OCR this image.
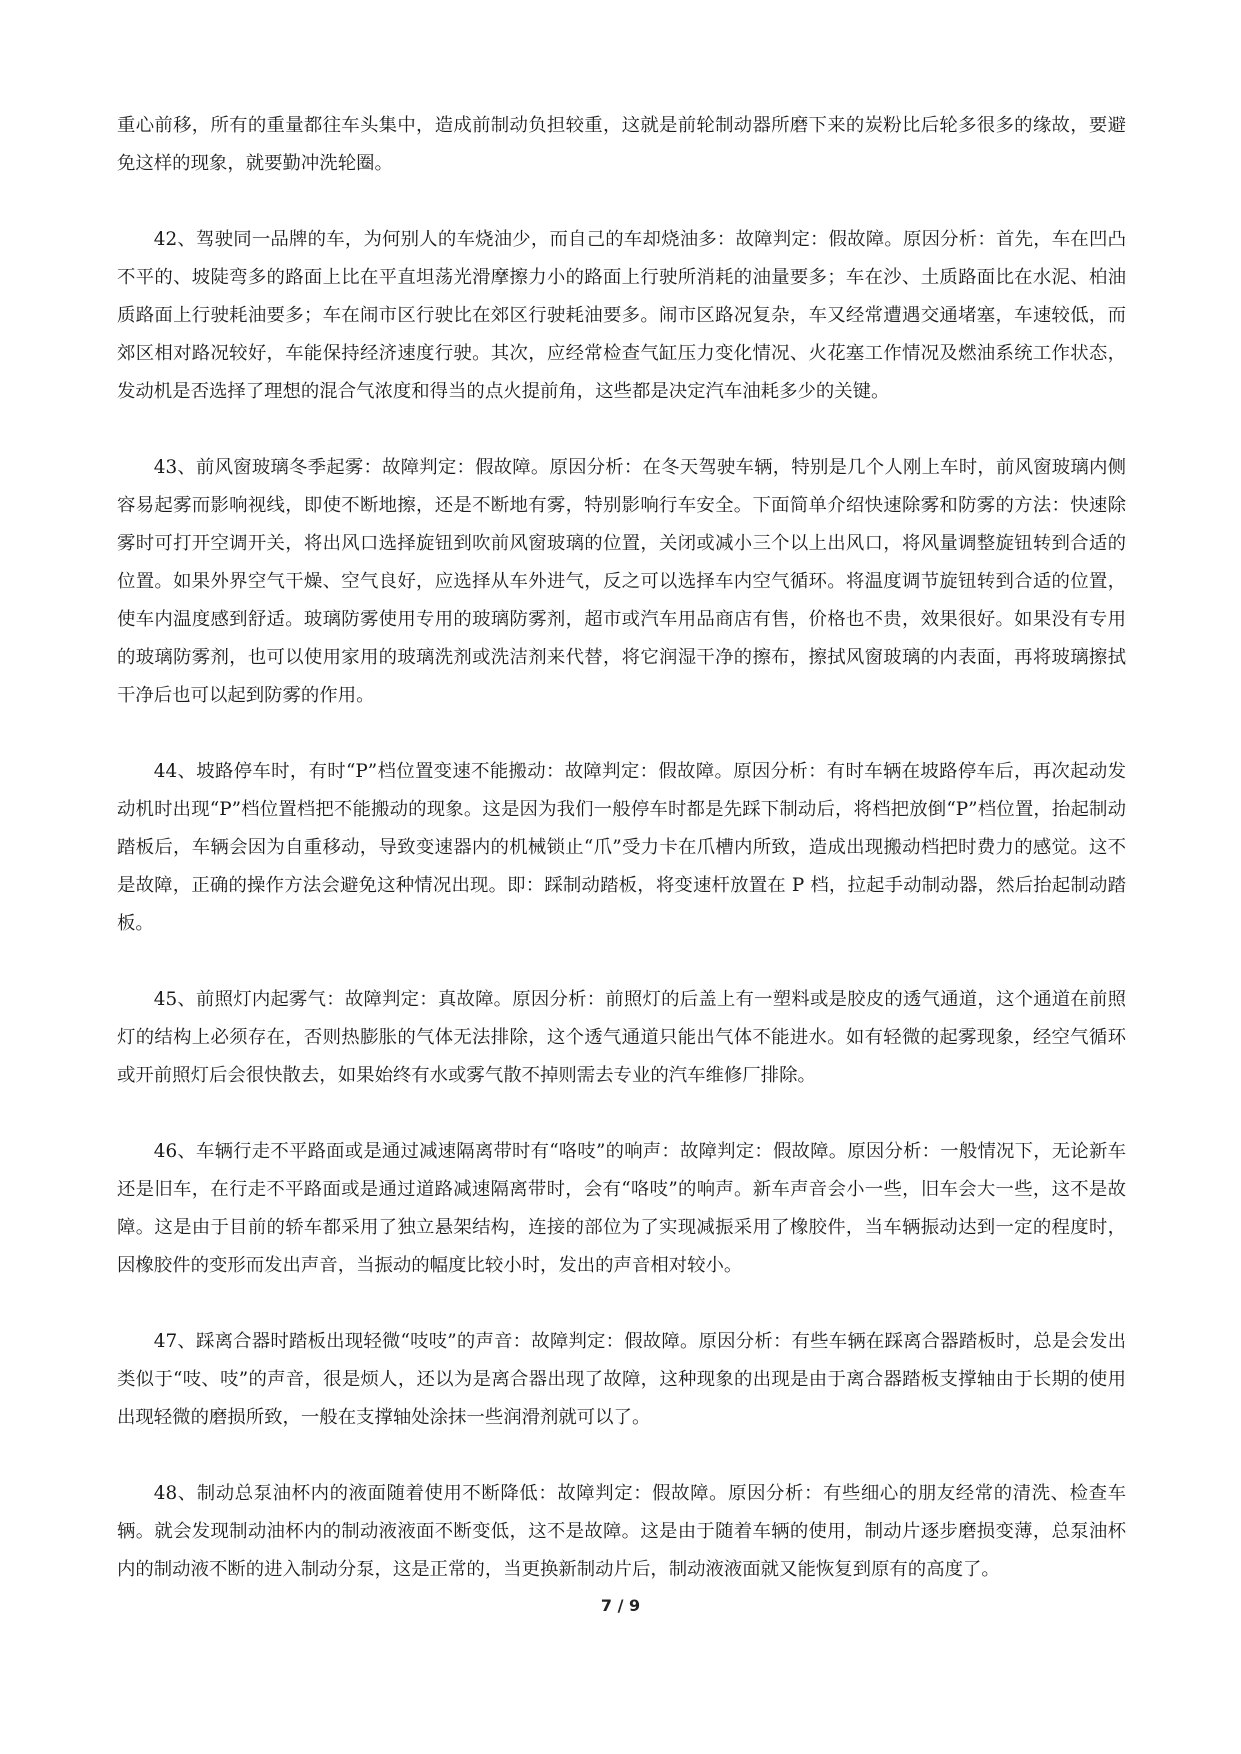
重心前移，所有的重量都往车头集中，造成前制动负担较重，这就是前轮制动器所磨下来的炭粉比后轮多很多的缘故，要避免这样的现象，就要勤冲洗轮圈。

42、驾驶同一品牌的车，为何别人的车烧油少，而自己的车却烧油多：故障判定：假故障。原因分析：首先，车在凹凸不平的、坡陡弯多的路面上比在平直坦荡光滑摩擦力小的路面上行驶所消耗的油量要多；车在沙、土质路面比在水泥、柏油质路面上行驶耗油要多；车在闹市区行驶比在郊区行驶耗油要多。闹市区路况复杂，车又经常遭遇交通堵塞，车速较低，而郊区相对路况较好，车能保持经济速度行驶。其次，应经常检查气缸压力变化情况、火花塞工作情况及燃油系统工作状态，发动机是否选择了理想的混合气浓度和得当的点火提前角，这些都是决定汽车油耗多少的关键。

43、前风窗玻璃冬季起雾：故障判定：假故障。原因分析：在冬天驾驶车辆，特别是几个人刚上车时，前风窗玻璃内侧容易起雾而影响视线，即使不断地擦，还是不断地有雾，特别影响行车安全。下面简单介绍快速除雾和防雾的方法：快速除雾时可打开空调开关，将出风口选择旋钮到吹前风窗玻璃的位置，关闭或减小三个以上出风口，将风量调整旋钮转到合适的位置。如果外界空气干燥、空气良好，应选择从车外进气，反之可以选择车内空气循环。将温度调节旋钮转到合适的位置，使车内温度感到舒适。玻璃防雾使用专用的玻璃防雾剂，超市或汽车用品商店有售，价格也不贵，效果很好。如果没有专用的玻璃防雾剂，也可以使用家用的玻璃洗剂或洗洁剂来代替，将它润湿干净的擦布，擦拭风窗玻璃的内表面，再将玻璃擦拭干净后也可以起到防雾的作用。

44、坡路停车时，有时“P”档位置变速不能搬动：故障判定：假故障。原因分析：有时车辆在坡路停车后，再次起动发动机时出现“P”档位置档把不能搬动的现象。这是因为我们一般停车时都是先踩下制动后，将档把放倒“P”档位置，抬起制动踏板后，车辆会因为自重移动，导致变速器内的机械锁止“爪”受力卡在爪槽内所致，造成出现搬动档把时费力的感觉。这不是故障，正确的操作方法会避免这种情况出现。即：踩制动踏板，将变速杆放置在 P 档，拉起手动制动器，然后抬起制动踏板。

45、前照灯内起雾气：故障判定：真故障。原因分析：前照灯的后盖上有一塑料或是胶皮的透气通道，这个通道在前照灯的结构上必须存在，否则热膨胀的气体无法排除，这个透气通道只能出气体不能进水。如有轻微的起雾现象，经空气循环或开前照灯后会很快散去，如果始终有水或雾气散不掉则需去专业的汽车维修厂排除。

46、车辆行走不平路面或是通过减速隔离带时有“咯吱”的响声：故障判定：假故障。原因分析：一般情况下，无论新车还是旧车，在行走不平路面或是通过道路减速隔离带时，会有“咯吱”的响声。新车声音会小一些，旧车会大一些，这不是故障。这是由于目前的轿车都采用了独立悬架结构，连接的部位为了实现减振采用了橡胶件，当车辆振动达到一定的程度时，因橡胶件的变形而发出声音，当振动的幅度比较小时，发出的声音相对较小。

47、踩离合器时踏板出现轻微“吱吱”的声音：故障判定：假故障。原因分析：有些车辆在踩离合器踏板时，总是会发出类似于“吱、吱”的声音，很是烦人，还以为是离合器出现了故障，这种现象的出现是由于离合器踏板支撑轴由于长期的使用出现轻微的磨损所致，一般在支撑轴处涂抹一些润滑剂就可以了。

48、制动总泵油杯内的液面随着使用不断降低：故障判定：假故障。原因分析：有些细心的朋友经常的清洗、检查车辆。就会发现制动油杯内的制动液液面不断变低，这不是故障。这是由于随着车辆的使用，制动片逐步磨损变薄，总泵油杯内的制动液不断的进入制动分泵，这是正常的，当更换新制动片后，制动液液面就又能恢复到原有的高度了。

7 / 9
